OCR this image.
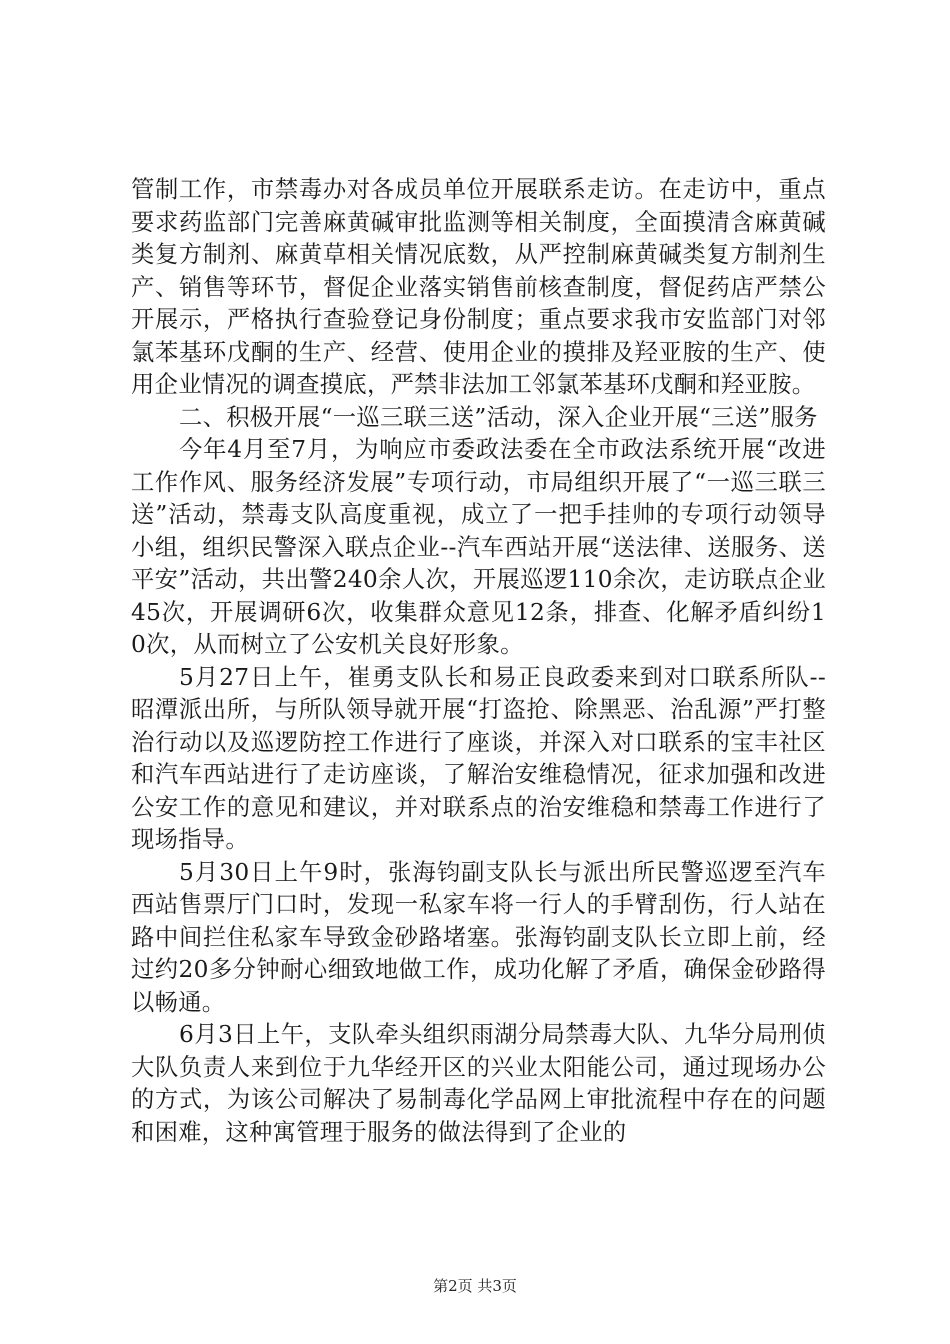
管制工作，市禁毒办对各成员单位开展联系走访。在走访中，重点要求药监部门完善麻黄碱审批监测等相关制度，全面摸清含麻黄碱类复方制剂、麻黄草相关情况底数，从严控制麻黄碱类复方制剂生产、销售等环节，督促企业落实销售前核查制度，督促药店严禁公开展示，严格执行查验登记身份制度；重点要求我市安监部门对邻氯苯基环戊酮的生产、经营、使用企业的摸排及羟亚胺的生产、使用企业情况的调查摸底，严禁非法加工邻氯苯基环戊酮和羟亚胺。

二、积极开展“一巡三联三送”活动，深入企业开展“三送”服务

今年4月至7月，为响应市委政法委在全市政法系统开展“改进工作作风、服务经济发展”专项行动，市局组织开展了“一巡三联三送”活动，禁毒支队高度重视，成立了一把手挂帅的专项行动领导小组，组织民警深入联点企业--汽车西站开展“送法律、送服务、送平安”活动，共出警240余人次，开展巡逻110余次，走访联点企业45次，开展调研6次，收集群众意见12条，排查、化解矛盾纠纷10次，从而树立了公安机关良好形象。

5月27日上午，崔勇支队长和易正良政委来到对口联系所队--昭潭派出所，与所队领导就开展“打盗抢、除黑恶、治乱源”严打整治行动以及巡逻防控工作进行了座谈，并深入对口联系的宝丰社区和汽车西站进行了走访座谈，了解治安维稳情况，征求加强和改进公安工作的意见和建议，并对联系点的治安维稳和禁毒工作进行了现场指导。

5月30日上午9时，张海钧副支队长与派出所民警巡逻至汽车西站售票厅门口时，发现一私家车将一行人的手臂刮伤，行人站在路中间拦住私家车导致金砂路堵塞。张海钧副支队长立即上前，经过约20多分钟耐心细致地做工作，成功化解了矛盾，确保金砂路得以畅通。

6月3日上午，支队牵头组织雨湖分局禁毒大队、九华分局刑侦大队负责人来到位于九华经开区的兴业太阳能公司，通过现场办公的方式，为该公司解决了易制毒化学品网上审批流程中存在的问题和困难，这种寓管理于服务的做法得到了企业的

第2页 共3页
